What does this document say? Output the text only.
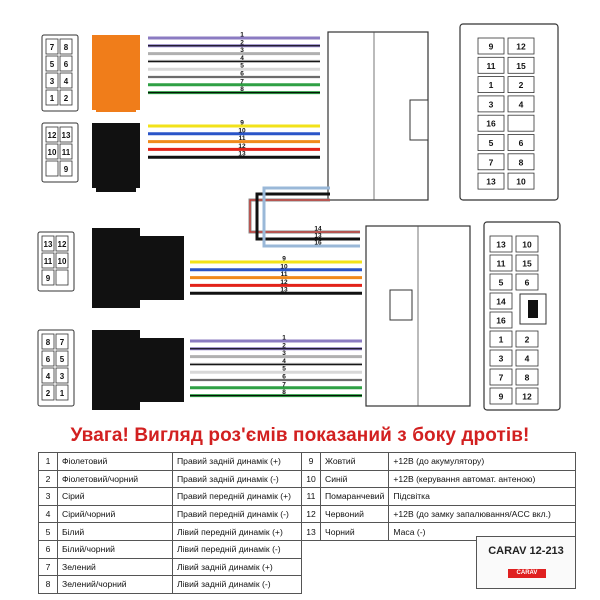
7 8
5 6
3 4
1 2
12 13
10 11
9
1
2
3
4
5
6
7
8
9
10
11
12
13
9	12
11 15
1	2
3	4
16
5	6
7	8
13 10
14
13
16
13 12
11 10
9
8 7
6 5
4 3
2 1
9
10
11
12
13
1
2
3
4
5
6
7
8
13 10
11 15
5	6
14
16
1	2
3	4
7	8
9 12
Увага! Вигляд роз'ємів показаний з боку дротів!
1	Фіолетовий	Правий задній динамік (+)	9	Жовтий	+12В (до акумулятору)
2	Фіолетовий/чорний	Правий задній динамік (-)	10	Синій	+12В (керування автомат. антеною)
3	Сірий	Правий передній динамік (+)	11	Помаранчевий	Підсвітка
4	Сірий/чорний	Правий передній динамік (-)	12	Червоний	+12В (до замку запалювання/ACC вкл.)
5	Білий	Лівий передній динамік (+)	13	Чорний	Маса (-)
6	Білий/чорний	Лівий передній динамік (-)			
7	Зелений	Лівий задній динамік (+)			
8	Зелений/чорний	Лівий задній динамік (-)			
CARAV 12-213
CARAV
